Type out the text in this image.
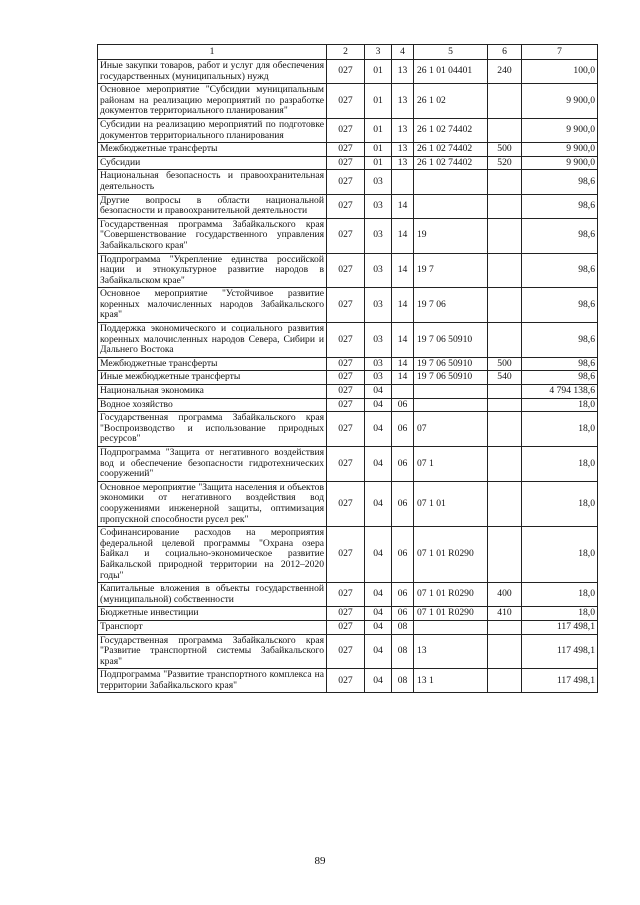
1	2	3	4	5	6	7
Иные закупки товаров, работ и услуг для обеспечения государственных (муниципальных) нужд	027	01	13	26 1 01 04401	240	100,0
Основное мероприятие "Субсидии муниципальным районам на реализацию мероприятий по разработке документов территориального планирования"	027	01	13	26 1 02		9 900,0
Субсидии на реализацию мероприятий по подготовке документов территориального планирования	027	01	13	26 1 02 74402		9 900,0
Межбюджетные трансферты	027	01	13	26 1 02 74402	500	9 900,0
Субсидии	027	01	13	26 1 02 74402	520	9 900,0
Национальная безопасность и правоохранительная деятельность	027	03				98,6
Другие вопросы в области национальной безопасности и правоохранительной деятельности	027	03	14			98,6
Государственная программа Забайкальского края "Совершенствование государственного управления Забайкальского края"	027	03	14	19		98,6
Подпрограмма "Укрепление единства российской нации и этнокультурное развитие народов в Забайкальском крае"	027	03	14	19 7		98,6
Основное мероприятие "Устойчивое развитие коренных малочисленных народов Забайкальского края"	027	03	14	19 7 06		98,6
Поддержка экономического и социального развития коренных малочисленных народов Севера, Сибири и Дальнего Востока	027	03	14	19 7 06 50910		98,6
Межбюджетные трансферты	027	03	14	19 7 06 50910	500	98,6
Иные межбюджетные трансферты	027	03	14	19 7 06 50910	540	98,6
Национальная экономика	027	04				4 794 138,6
Водное хозяйство	027	04	06			18,0
Государственная программа Забайкальского края "Воспроизводство и использование природных ресурсов"	027	04	06	07		18,0
Подпрограмма "Защита от негативного воздействия вод и обеспечение безопасности гидротехнических сооружений"	027	04	06	07 1		18,0
Основное мероприятие "Защита населения и объектов экономики от негативного воздействия вод сооружениями инженерной защиты, оптимизация пропускной способности русел рек"	027	04	06	07 1 01		18,0
Софинансирование расходов на мероприятия федеральной целевой программы "Охрана озера Байкал и социально-экономическое развитие Байкальской природной территории на 2012–2020 годы"	027	04	06	07 1 01 R0290		18,0
Капитальные вложения в объекты государственной (муниципальной) собственности	027	04	06	07 1 01 R0290	400	18,0
Бюджетные инвестиции	027	04	06	07 1 01 R0290	410	18,0
Транспорт	027	04	08			117 498,1
Государственная программа Забайкальского края "Развитие транспортной системы Забайкальского края"	027	04	08	13		117 498,1
Подпрограмма "Развитие транспортного комплекса на территории Забайкальского края"	027	04	08	13 1		117 498,1
89
